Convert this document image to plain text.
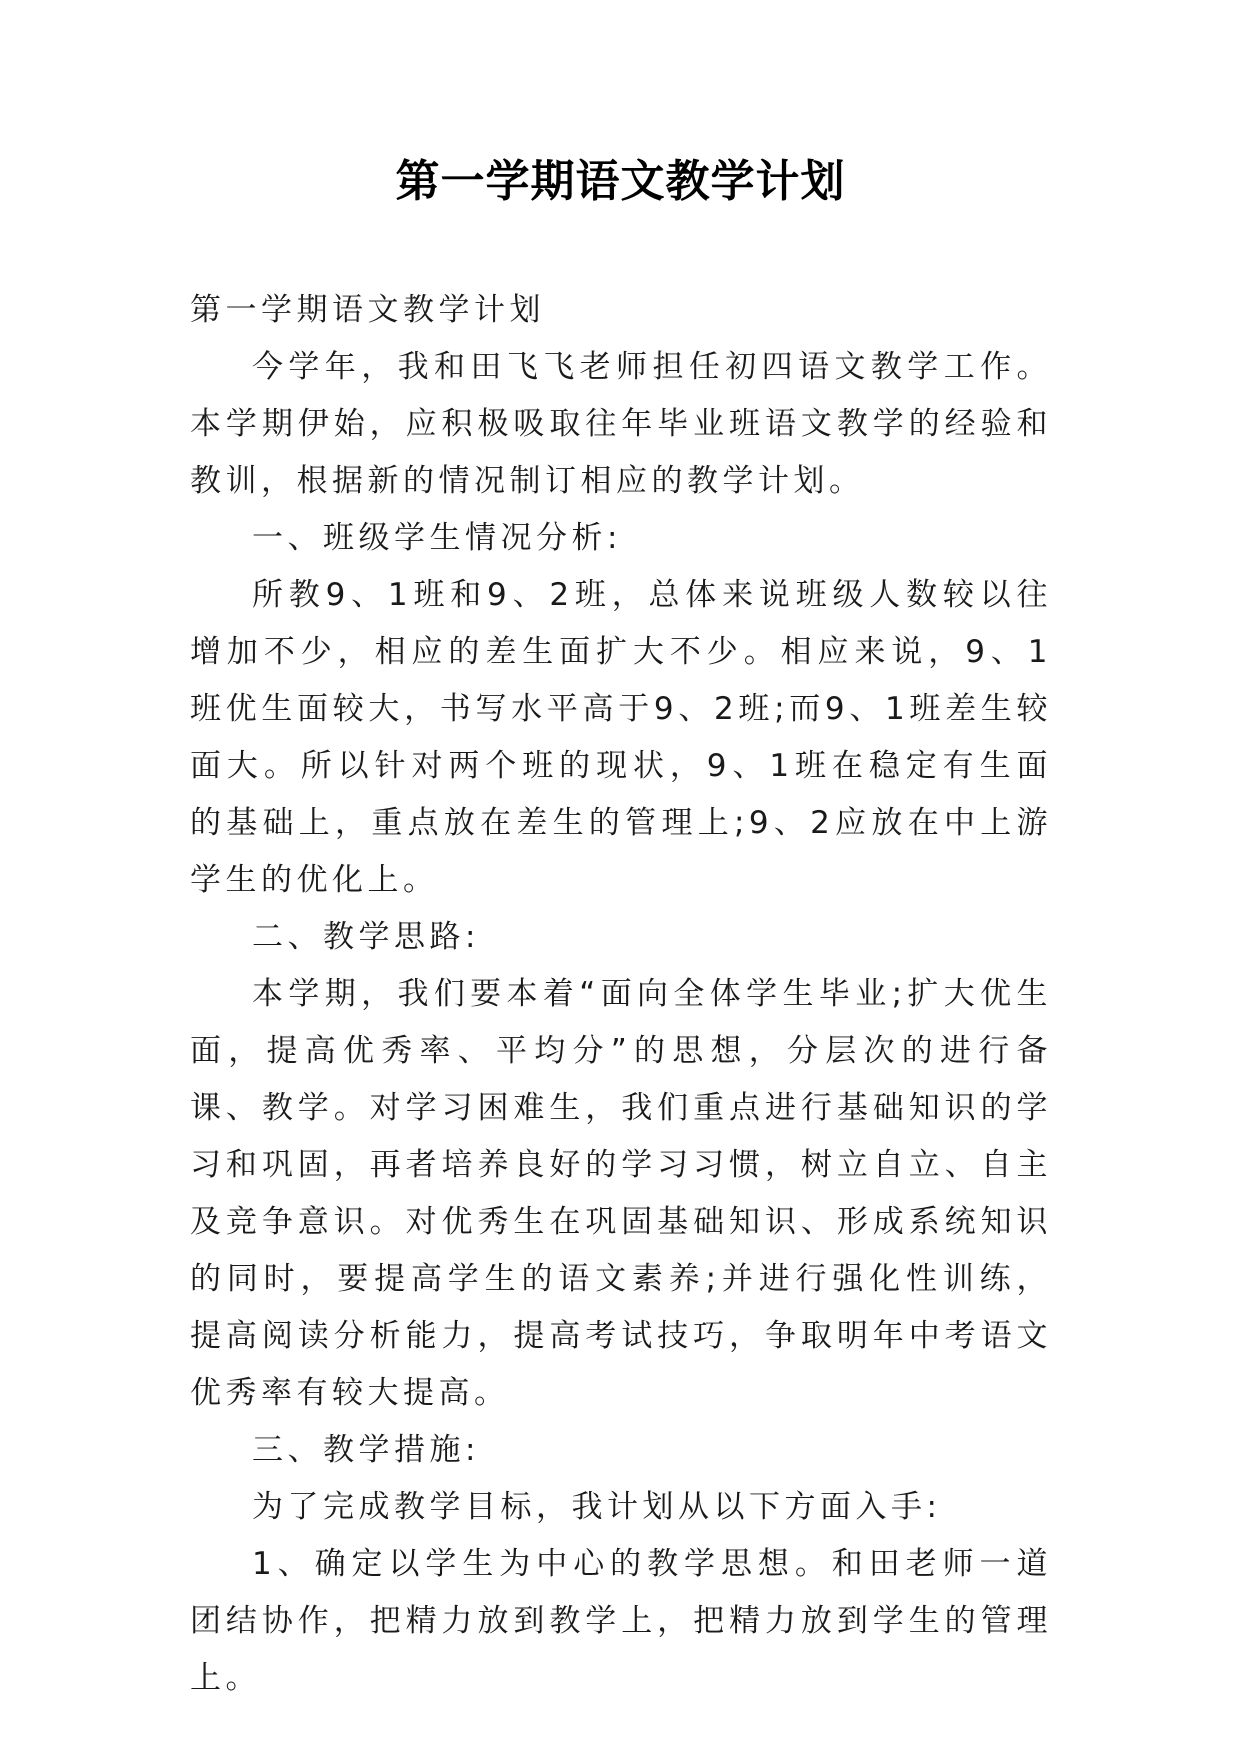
第一学期语文教学计划

第一学期语文教学计划

今学年，我和田飞飞老师担任初四语文教学工作。本学期伊始，应积极吸取往年毕业班语文教学的经验和教训，根据新的情况制订相应的教学计划。

一、班级学生情况分析:

所教9、1班和9、2班，总体来说班级人数较以往增加不少，相应的差生面扩大不少。相应来说，9、1班优生面较大，书写水平高于9、2班;而9、1班差生较面大。所以针对两个班的现状，9、1班在稳定有生面的基础上，重点放在差生的管理上;9、2应放在中上游学生的优化上。

二、教学思路:

本学期，我们要本着“面向全体学生毕业;扩大优生面，提高优秀率、平均分”的思想，分层次的进行备课、教学。对学习困难生，我们重点进行基础知识的学习和巩固，再者培养良好的学习习惯，树立自立、自主及竞争意识。对优秀生在巩固基础知识、形成系统知识的同时，要提高学生的语文素养;并进行强化性训练，提高阅读分析能力，提高考试技巧，争取明年中考语文优秀率有较大提高。

三、教学措施:

为了完成教学目标，我计划从以下方面入手:

1、确定以学生为中心的教学思想。和田老师一道团结协作，把精力放到教学上，把精力放到学生的管理上。
